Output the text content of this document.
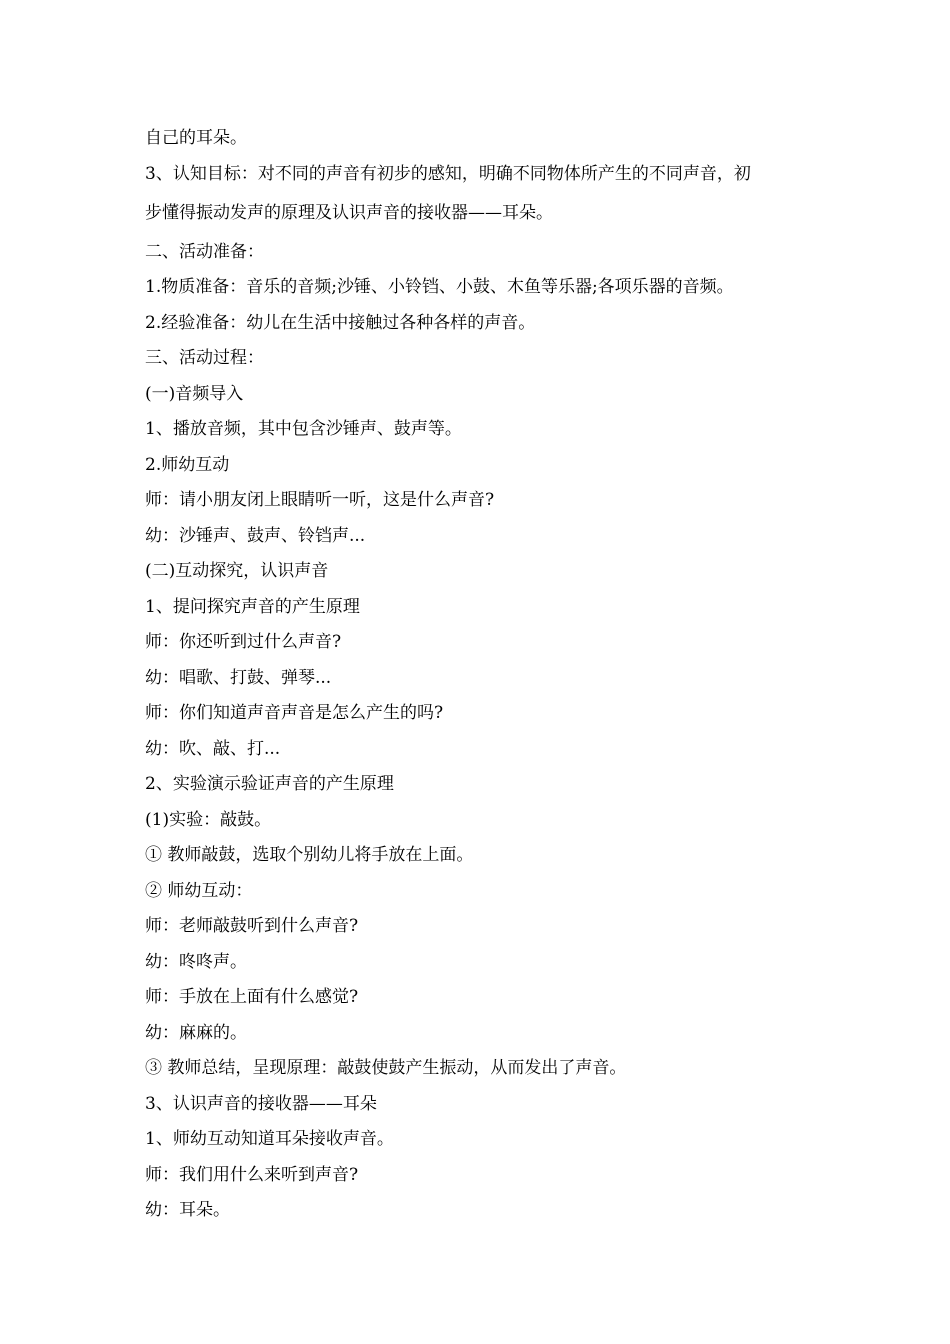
自己的耳朵。
3、认知目标：对不同的声音有初步的感知，明确不同物体所产生的不同声音，初
步懂得振动发声的原理及认识声音的接收器——耳朵。
二、活动准备：
1.物质准备：音乐的音频;沙锤、小铃铛、小鼓、木鱼等乐器;各项乐器的音频。
2.经验准备：幼儿在生活中接触过各种各样的声音。
三、活动过程：
(一)音频导入
1、播放音频，其中包含沙锤声、鼓声等。
2.师幼互动
师：请小朋友闭上眼睛听一听，这是什么声音?
幼：沙锤声、鼓声、铃铛声...
(二)互动探究，认识声音
1、提问探究声音的产生原理
师：你还听到过什么声音?
幼：唱歌、打鼓、弹琴...
师：你们知道声音声音是怎么产生的吗?
幼：吹、敲、打...
2、实验演示验证声音的产生原理
(1)实验：敲鼓。
① 教师敲鼓，选取个别幼儿将手放在上面。
② 师幼互动：
师：老师敲鼓听到什么声音?
幼：咚咚声。
师：手放在上面有什么感觉?
幼：麻麻的。
③ 教师总结，呈现原理：敲鼓使鼓产生振动，从而发出了声音。
3、认识声音的接收器——耳朵
1、师幼互动知道耳朵接收声音。
师：我们用什么来听到声音?
幼：耳朵。
